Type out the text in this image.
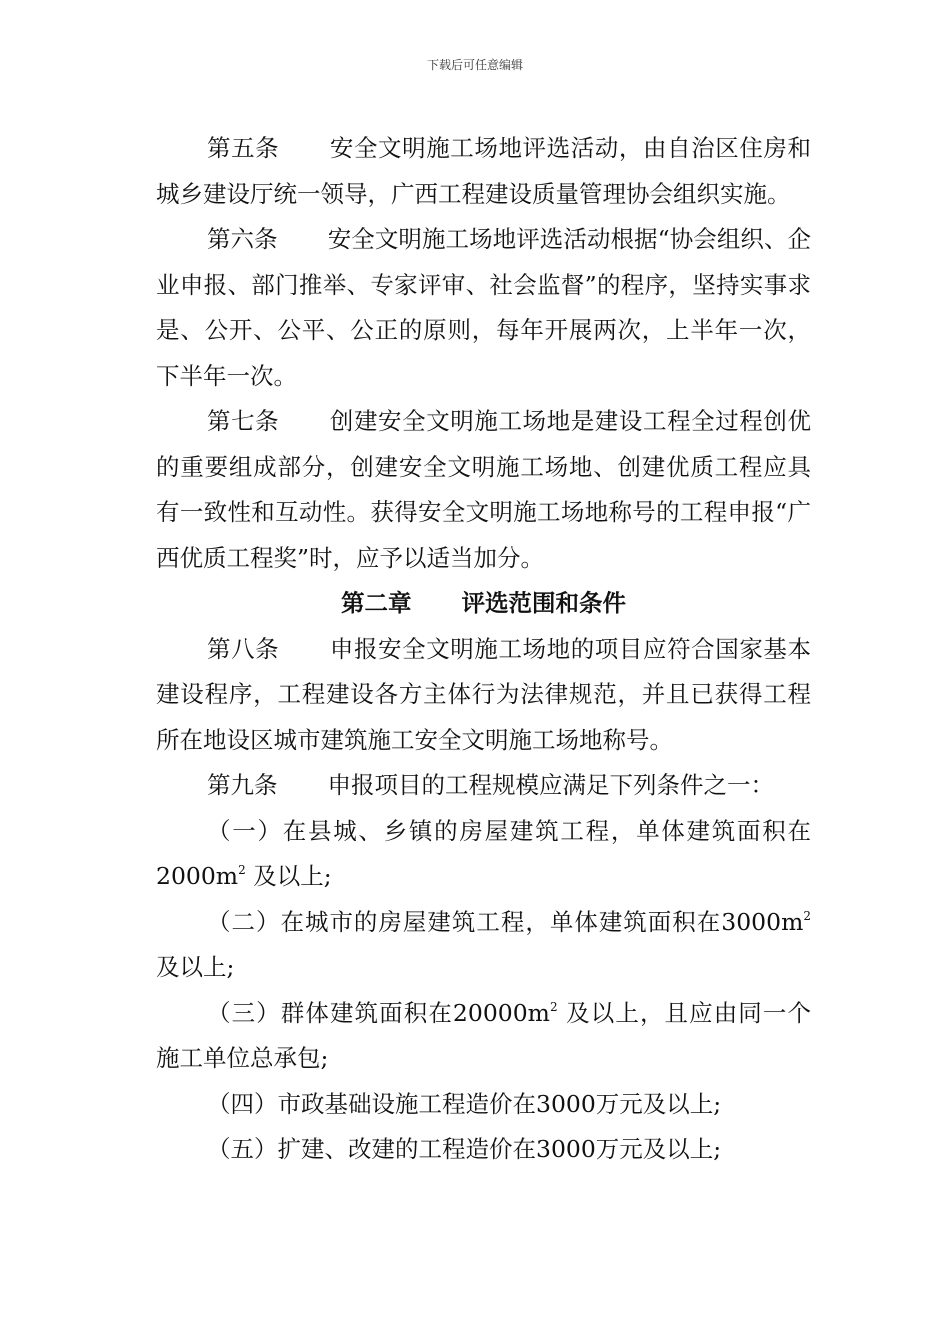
下载后可任意编辑

第五条 安全文明施工场地评选活动，由自治区住房和城乡建设厅统一领导，广西工程建设质量管理协会组织实施。

第六条 安全文明施工场地评选活动根据“协会组织、企业申报、部门推举、专家评审、社会监督”的程序，坚持实事求是、公开、公平、公正的原则，每年开展两次，上半年一次，下半年一次。

第七条 创建安全文明施工场地是建设工程全过程创优的重要组成部分，创建安全文明施工场地、创建优质工程应具有一致性和互动性。获得安全文明施工场地称号的工程申报“广西优质工程奖”时，应予以适当加分。

第二章 评选范围和条件

第八条 申报安全文明施工场地的项目应符合国家基本建设程序，工程建设各方主体行为法律规范，并且已获得工程所在地设区城市建筑施工安全文明施工场地称号。

第九条 申报项目的工程规模应满足下列条件之一：

（一）在县城、乡镇的房屋建筑工程，单体建筑面积在$2000m^2$ 及以上;

（二）在城市的房屋建筑工程，单体建筑面积在$3000m^2$ 及以上;

（三）群体建筑面积在$20000m^2$ 及以上，且应由同一个施工单位总承包;

（四）市政基础设施工程造价在3000万元及以上;

（五）扩建、改建的工程造价在3000万元及以上;
